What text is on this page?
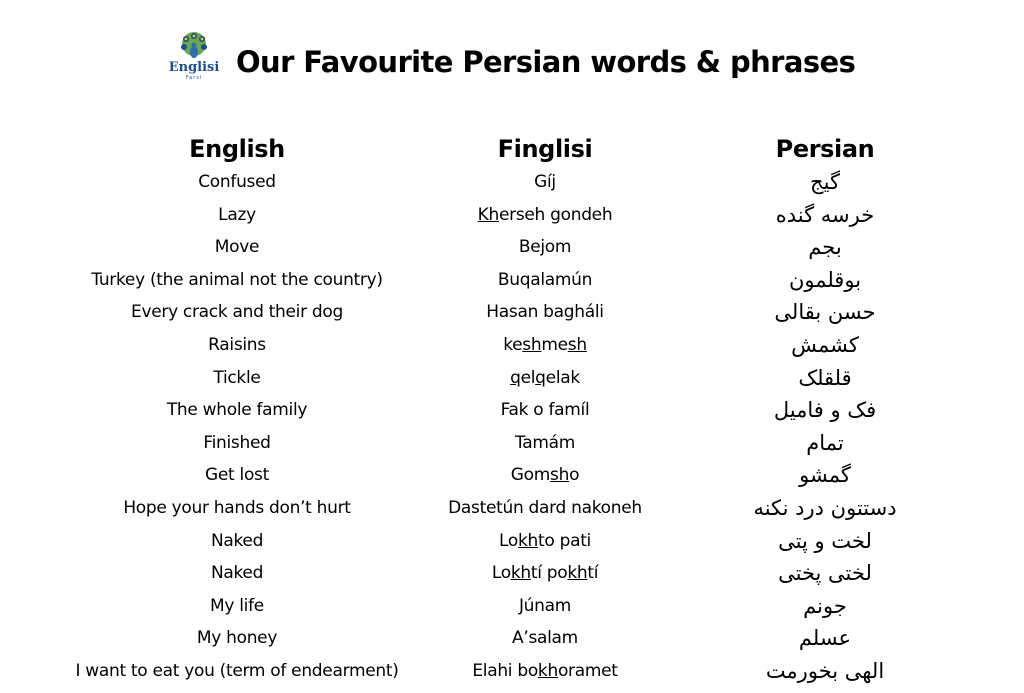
Englisi
Farsi	Our Favourite Persian words & phrases
English
Confused
Lazy
Move
Turkey (the animal not the country)
Every crack and their dog
Raisins
Tickle
The whole family
Finished
Get lost
Hope your hands don’t hurt
Naked
Naked
My life
My honey
I want to eat you (term of endearment)
Finglisi
Gíj
Kherseh gondeh
Bejom
Buqalamún
Hasan bagháli
keshmesh
qelqelak
Fak o famíl
Tamám
Gomsho
Dastetún dard nakoneh
Lokhto pati
Lokhtí pokhtí
Júnam
A’salam
Elahi bokhoramet
Persian
گیج
خرسه گنده
بجم
بوقلمون
حسن بقالی
کشمش
قلقلک
فک و فامیل
تمام
گمشو
دستتون درد نکنه
لخت و پتی
لختی پختی
جونم
عسلم
الهی بخورمت
